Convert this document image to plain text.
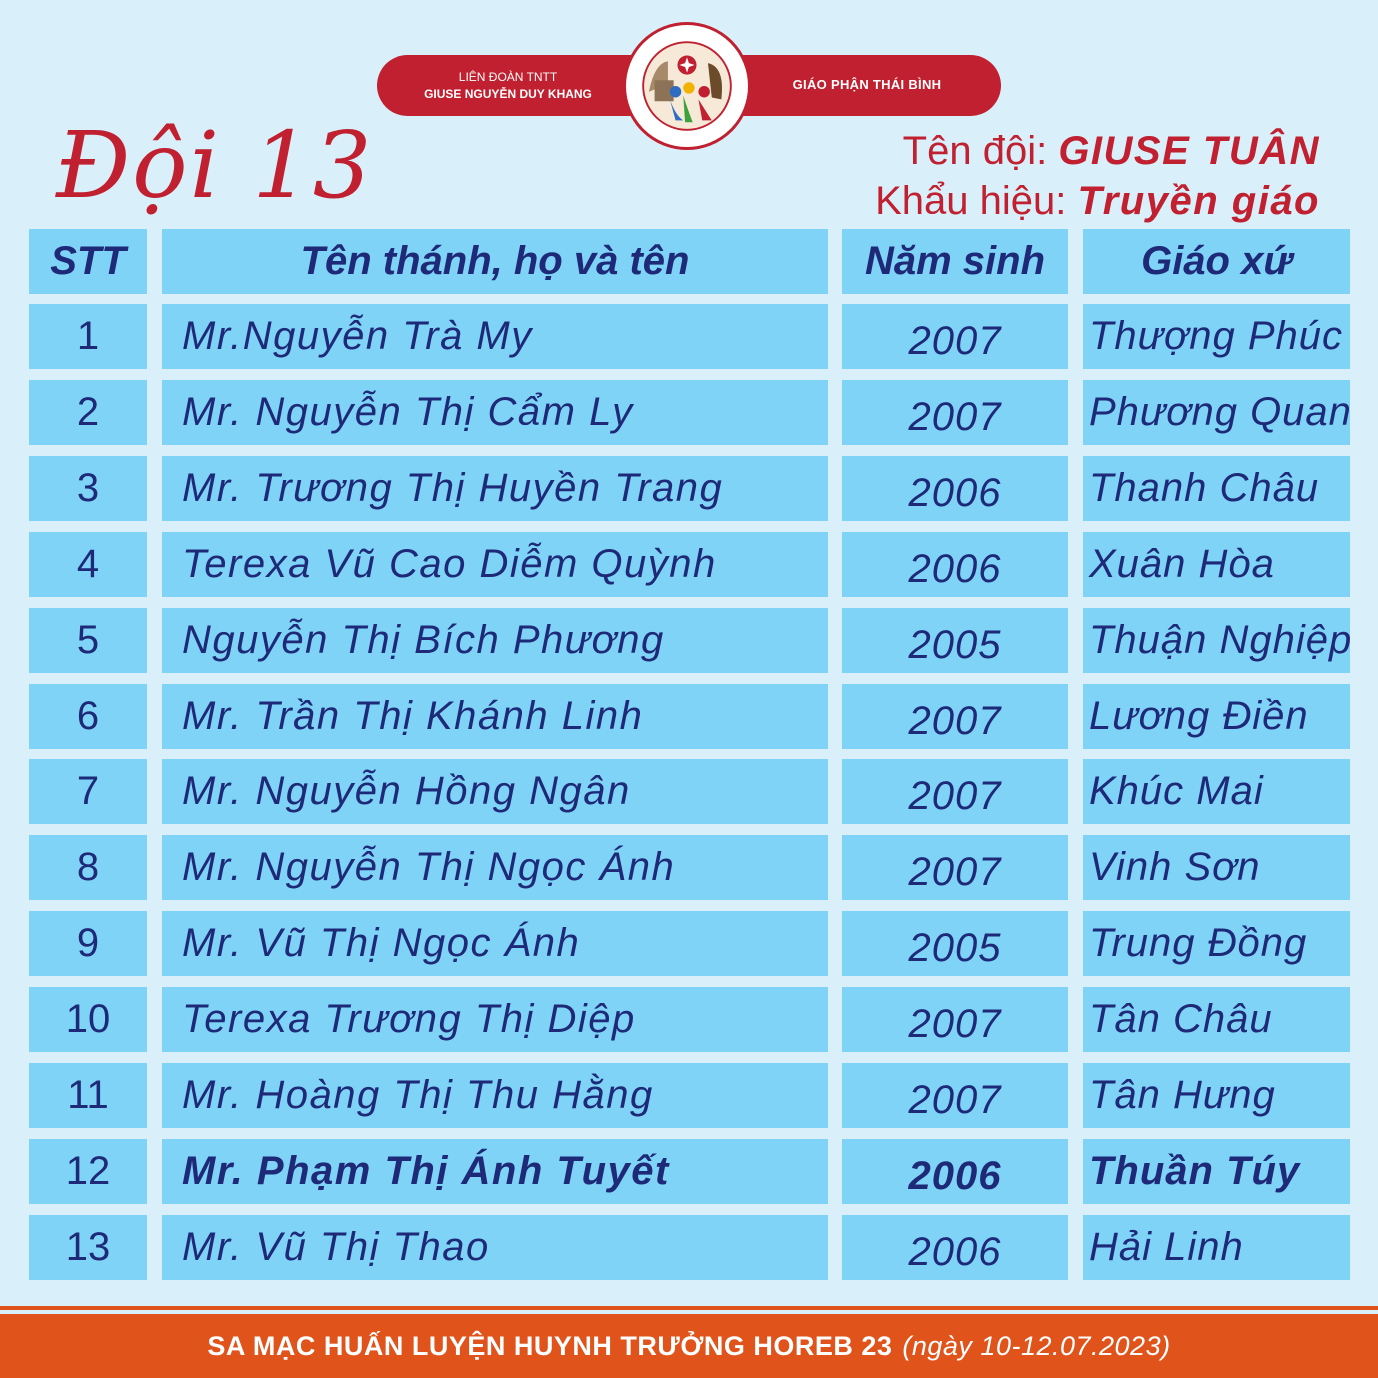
LIÊN ĐOÀN TNTT
GIUSE NGUYỄN DUY KHANG
GIÁO PHẬN THÁI BÌNH
Đội 13	Tên đội: GIUSE TUÂN
Khẩu hiệu: Truyền giáo
STT	Tên thánh, họ và tên	Năm sinh	Giáo xứ
1	Mr.Nguyễn Trà My	2007	Thượng Phúc
2	Mr. Nguyễn Thị Cẩm Ly	2007	Phương Quan
3	Mr. Trương Thị Huyền Trang	2006	Thanh Châu
4	Terexa Vũ Cao Diễm Quỳnh	2006	Xuân Hòa
5	Nguyễn Thị Bích Phương	2005	Thuận Nghiệp
6	Mr. Trần Thị Khánh Linh	2007	Lương Điền
7	Mr. Nguyễn Hồng Ngân	2007	Khúc Mai
8	Mr. Nguyễn Thị Ngọc Ánh	2007	Vinh Sơn
9	Mr. Vũ Thị Ngọc Ánh	2005	Trung Đồng
10	Terexa Trương Thị Diệp	2007	Tân Châu
11	Mr. Hoàng Thị Thu Hằng	2007	Tân Hưng
12	Mr. Phạm Thị Ánh Tuyết	2006	Thuần Túy
13	Mr. Vũ Thị Thao	2006	Hải Linh
SA MẠC HUẤN LUYỆN HUYNH TRƯỞNG HOREB 23 (ngày 10-12.07.2023)
